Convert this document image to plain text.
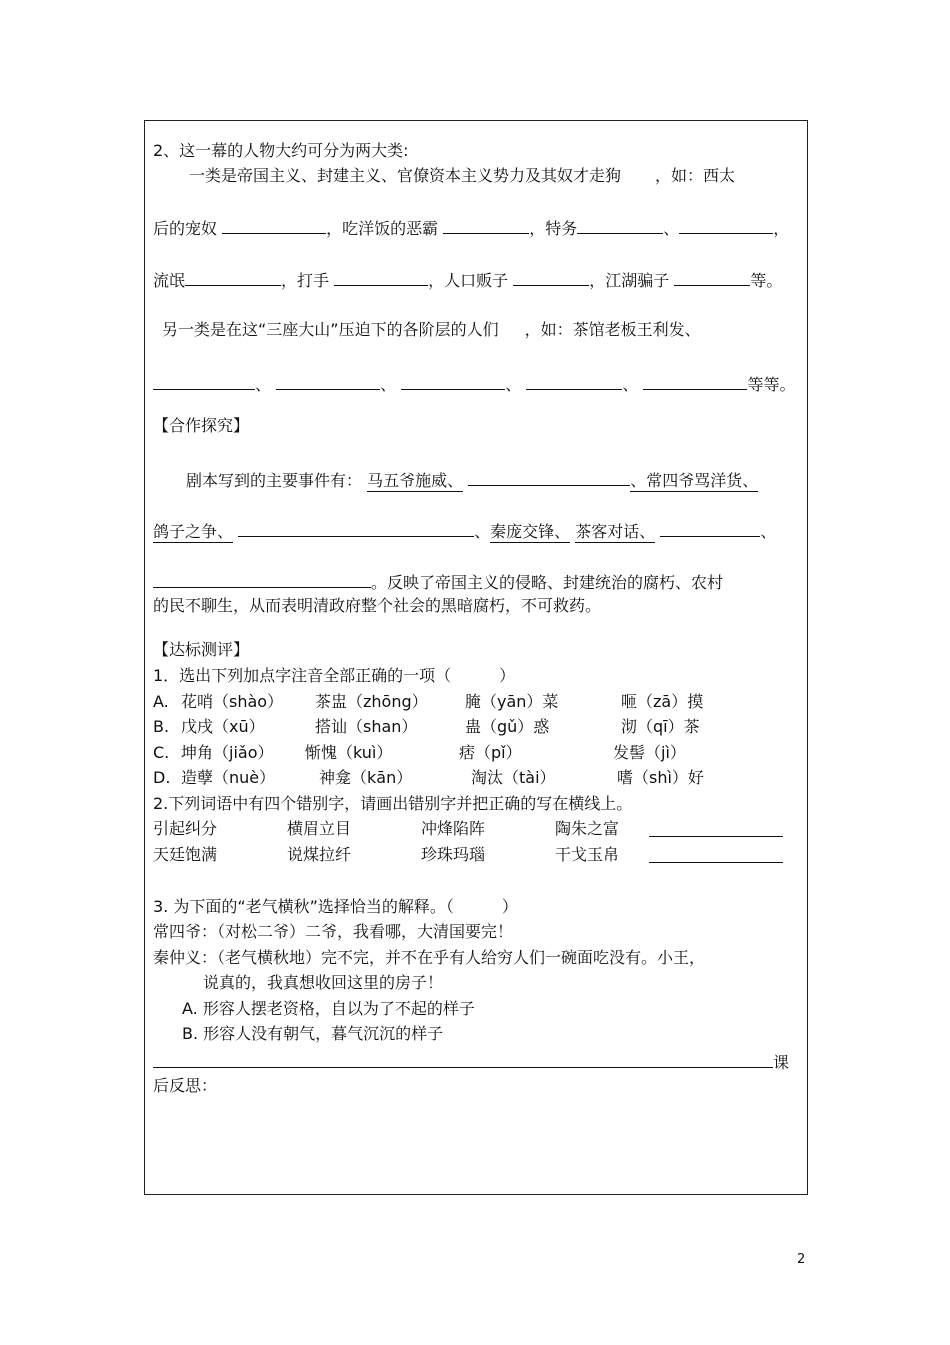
2、这一幕的人物大约可分为两大类:
一类是帝国主义、封建主义、官僚资本主义势力及其奴才走狗 ，如：西太
后的宠奴	，吃洋饭的恶霸	，特务	、	，
流氓	，打手	，人口贩子	，江湖骗子	等。
另一类是在这“三座大山”压迫下的各阶层的人们 ，如：茶馆老板王利发、
、	、	、	、	等等。
【合作探究】
剧本写到的主要事件有： 马五爷施威、	、常四爷骂洋货、
鸽子之争、	、秦庞交锋、 茶客对话、	、
。反映了帝国主义的侵略、封建统治的腐朽、农村
的民不聊生，从而表明清政府整个社会的黑暗腐朽，不可救药。
【达标测评】
1．选出下列加点字注音全部正确的一项（　　　）
A. 花哨（shào） 茶盅（zhōng） 腌（yān）菜	咂（zā）摸
B. 戊戌（xū）	搭讪（shan）	蛊（gǔ）惑	沏（qī）茶
C. 坤角（jiǎo） 惭愧（kuì）	痞（pǐ）	发髻（jì）
D. 造孽（nuè）	神龛（kān）	淘汰（tài）	嗜（shì）好
2.下列词语中有四个错别字，请画出错别字并把正确的写在横线上。
引起纠分	横眉立目	冲烽陷阵	陶朱之富
天廷饱满	说煤拉纤	珍珠玛瑙	干戈玉帛
3. 为下面的“老气横秋”选择恰当的解释。（　　　）
常四爷：（对松二爷）二爷，我看哪，大清国要完！
秦仲义：（老气横秋地）完不完，并不在乎有人给穷人们一碗面吃没有。小王，
说真的，我真想收回这里的房子！
A. 形容人摆老资格，自以为了不起的样子
B. 形容人没有朝气，暮气沉沉的样子
课
后反思：
2
